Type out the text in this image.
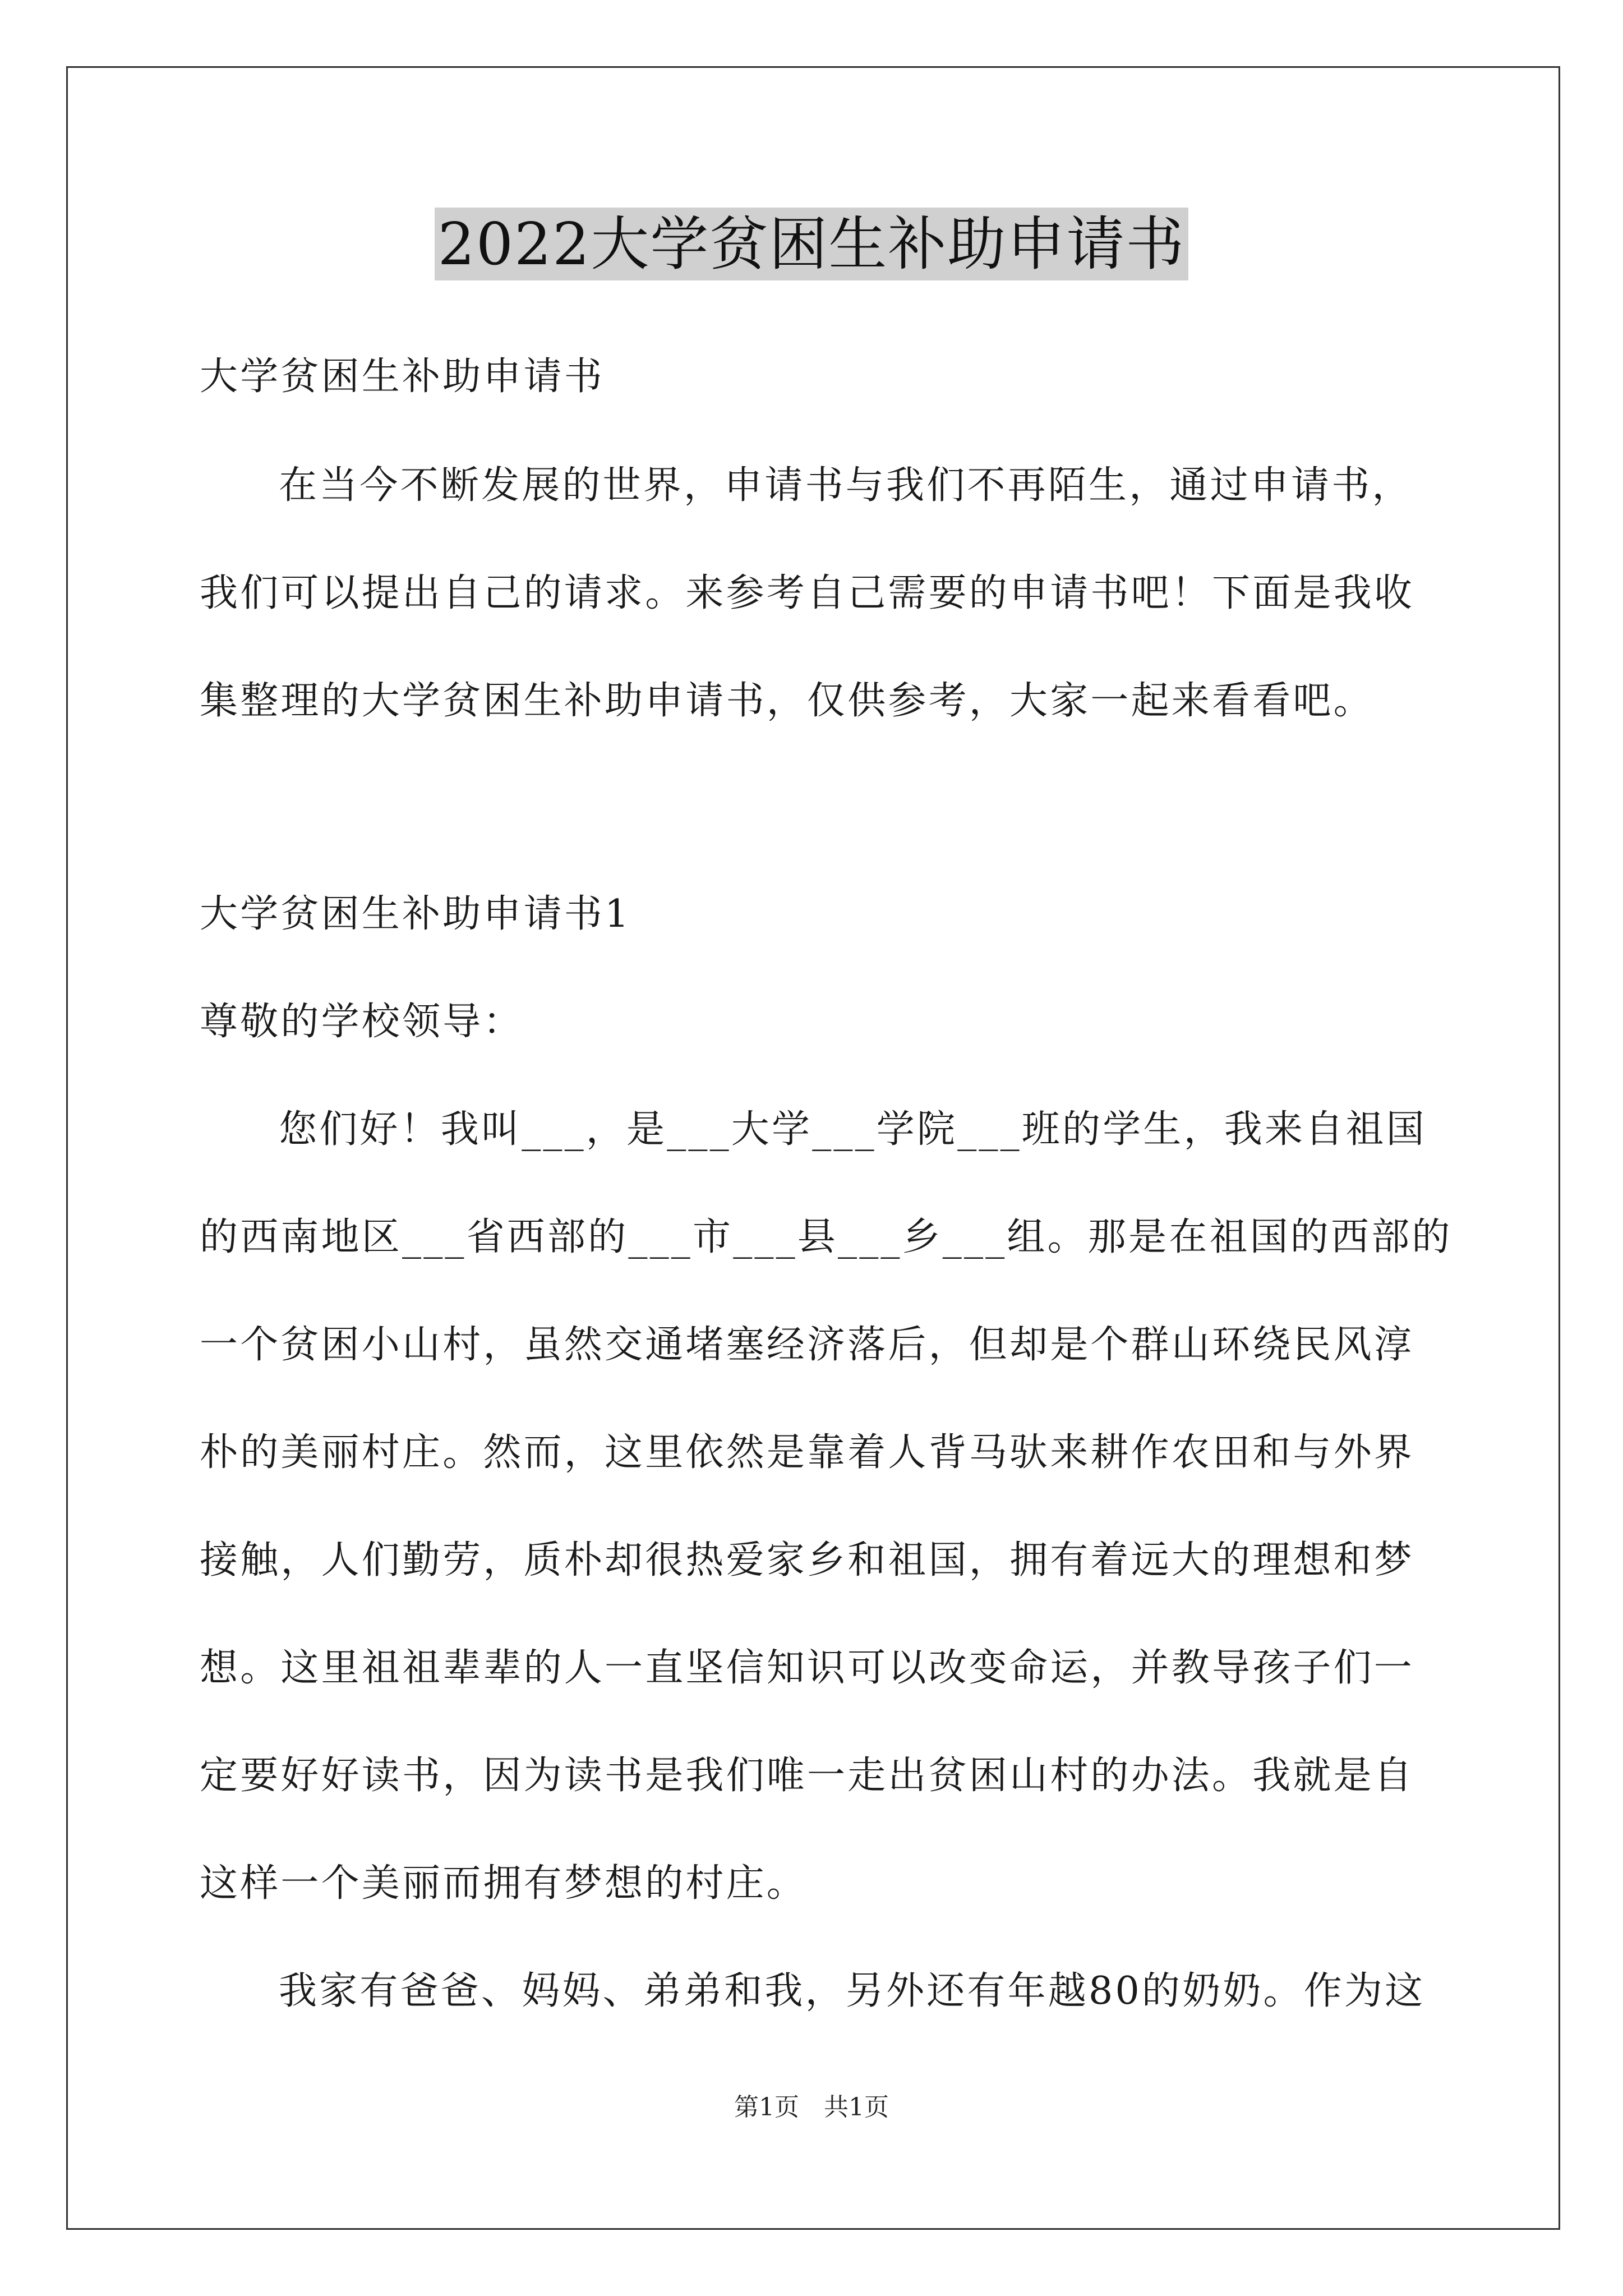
2022大学贫困生补助申请书
大学贫困生补助申请书
在当今不断发展的世界，申请书与我们不再陌生，通过申请书，
我们可以提出自己的请求。来参考自己需要的申请书吧！下面是我收
集整理的大学贫困生补助申请书，仅供参考，大家一起来看看吧。
大学贫困生补助申请书1
尊敬的学校领导：
您们好！我叫___，是___大学___学院___班的学生，我来自祖国
的西南地区___省西部的___市___县___乡___组。那是在祖国的西部的
一个贫困小山村，虽然交通堵塞经济落后，但却是个群山环绕民风淳
朴的美丽村庄。然而，这里依然是靠着人背马驮来耕作农田和与外界
接触，人们勤劳，质朴却很热爱家乡和祖国，拥有着远大的理想和梦
想。这里祖祖辈辈的人一直坚信知识可以改变命运，并教导孩子们一
定要好好读书，因为读书是我们唯一走出贫困山村的办法。我就是自
这样一个美丽而拥有梦想的村庄。
我家有爸爸、妈妈、弟弟和我，另外还有年越80的奶奶。作为这
第1页　共1页
